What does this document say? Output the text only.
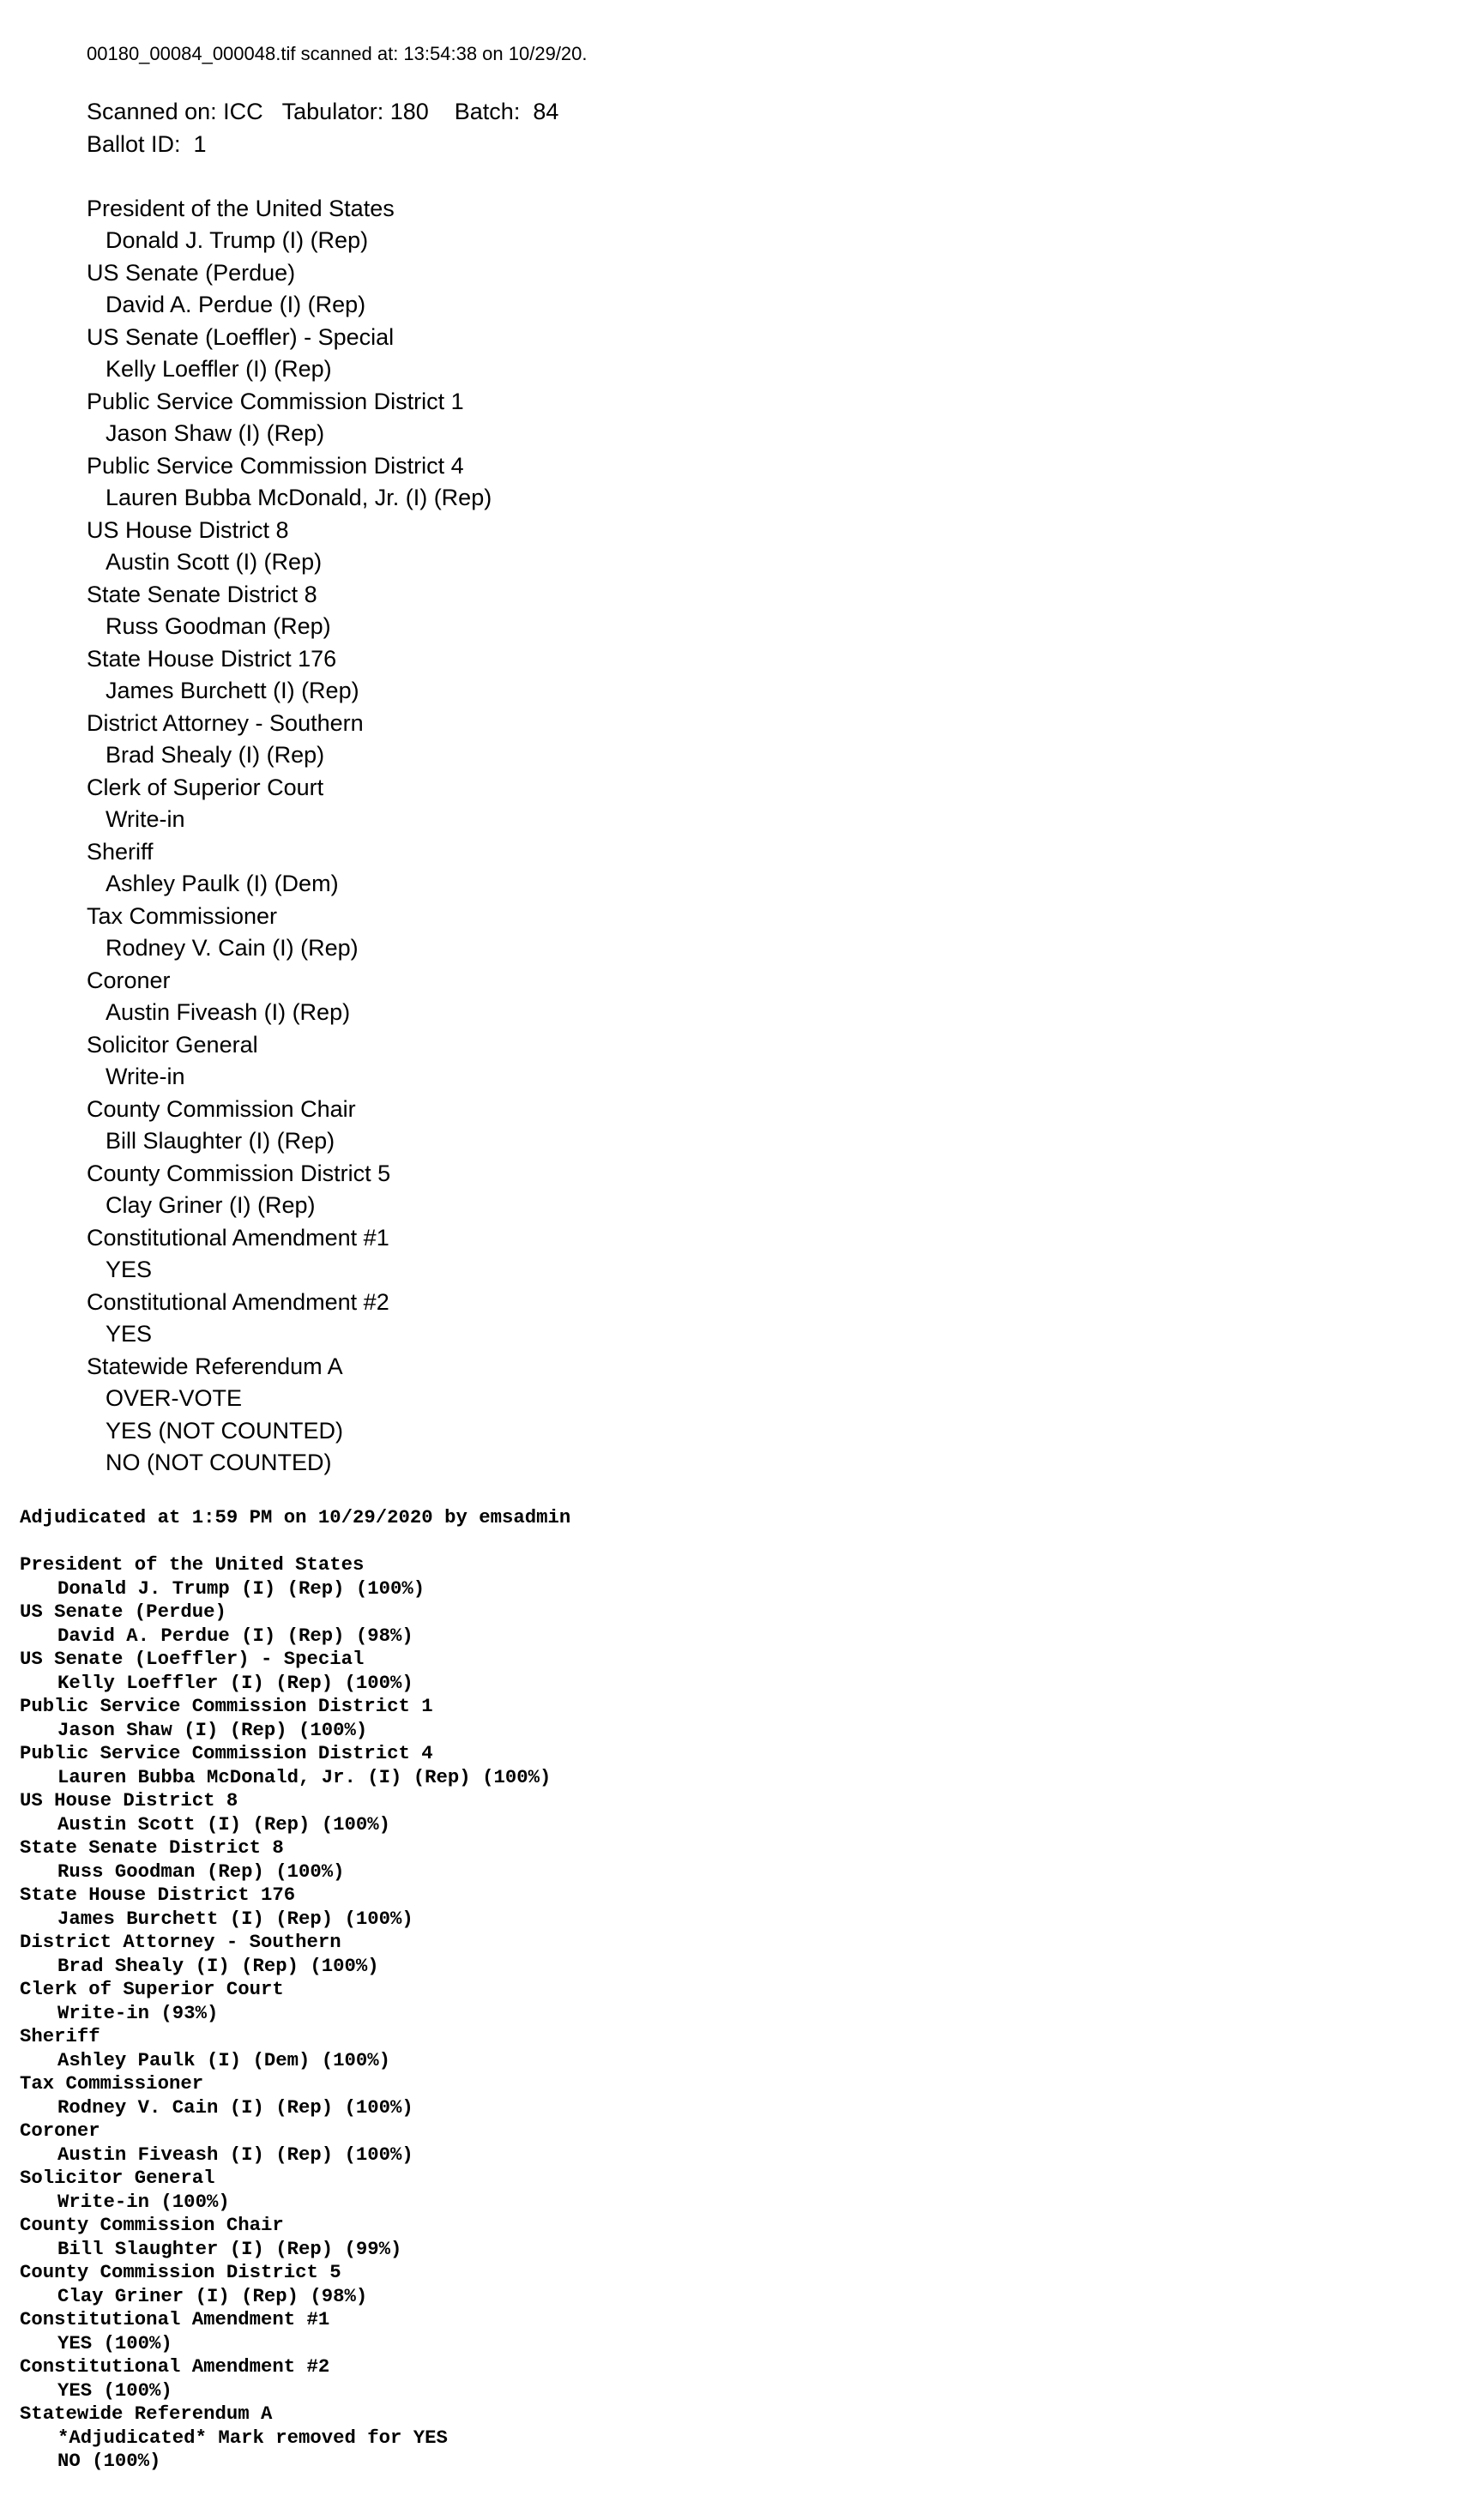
00180_00084_000048.tif scanned at: 13:54:38 on 10/29/20.
Scanned on: ICC   Tabulator: 180    Batch:  84
Ballot ID:  1
President of the United States
Donald J. Trump (I) (Rep)
US Senate (Perdue)
David A. Perdue (I) (Rep)
US Senate (Loeffler) - Special
Kelly Loeffler (I) (Rep)
Public Service Commission District 1
Jason Shaw (I) (Rep)
Public Service Commission District 4
Lauren Bubba McDonald, Jr. (I) (Rep)
US House District 8
Austin Scott (I) (Rep)
State Senate District 8
Russ Goodman (Rep)
State House District 176
James Burchett (I) (Rep)
District Attorney - Southern
Brad Shealy (I) (Rep)
Clerk of Superior Court
Write-in
Sheriff
Ashley Paulk (I) (Dem)
Tax Commissioner
Rodney V. Cain (I) (Rep)
Coroner
Austin Fiveash (I) (Rep)
Solicitor General
Write-in
County Commission Chair
Bill Slaughter (I) (Rep)
County Commission District 5
Clay Griner (I) (Rep)
Constitutional Amendment #1
YES
Constitutional Amendment #2
YES
Statewide Referendum A
OVER-VOTE
YES (NOT COUNTED)
NO (NOT COUNTED)
Adjudicated at 1:59 PM on 10/29/2020 by emsadmin
President of the United States
Donald J. Trump (I) (Rep) (100%)
US Senate (Perdue)
David A. Perdue (I) (Rep) (98%)
US Senate (Loeffler) - Special
Kelly Loeffler (I) (Rep) (100%)
Public Service Commission District 1
Jason Shaw (I) (Rep) (100%)
Public Service Commission District 4
Lauren Bubba McDonald, Jr. (I) (Rep) (100%)
US House District 8
Austin Scott (I) (Rep) (100%)
State Senate District 8
Russ Goodman (Rep) (100%)
State House District 176
James Burchett (I) (Rep) (100%)
District Attorney - Southern
Brad Shealy (I) (Rep) (100%)
Clerk of Superior Court
Write-in (93%)
Sheriff
Ashley Paulk (I) (Dem) (100%)
Tax Commissioner
Rodney V. Cain (I) (Rep) (100%)
Coroner
Austin Fiveash (I) (Rep) (100%)
Solicitor General
Write-in (100%)
County Commission Chair
Bill Slaughter (I) (Rep) (99%)
County Commission District 5
Clay Griner (I) (Rep) (98%)
Constitutional Amendment #1
YES (100%)
Constitutional Amendment #2
YES (100%)
Statewide Referendum A
*Adjudicated* Mark removed for YES
NO (100%)
